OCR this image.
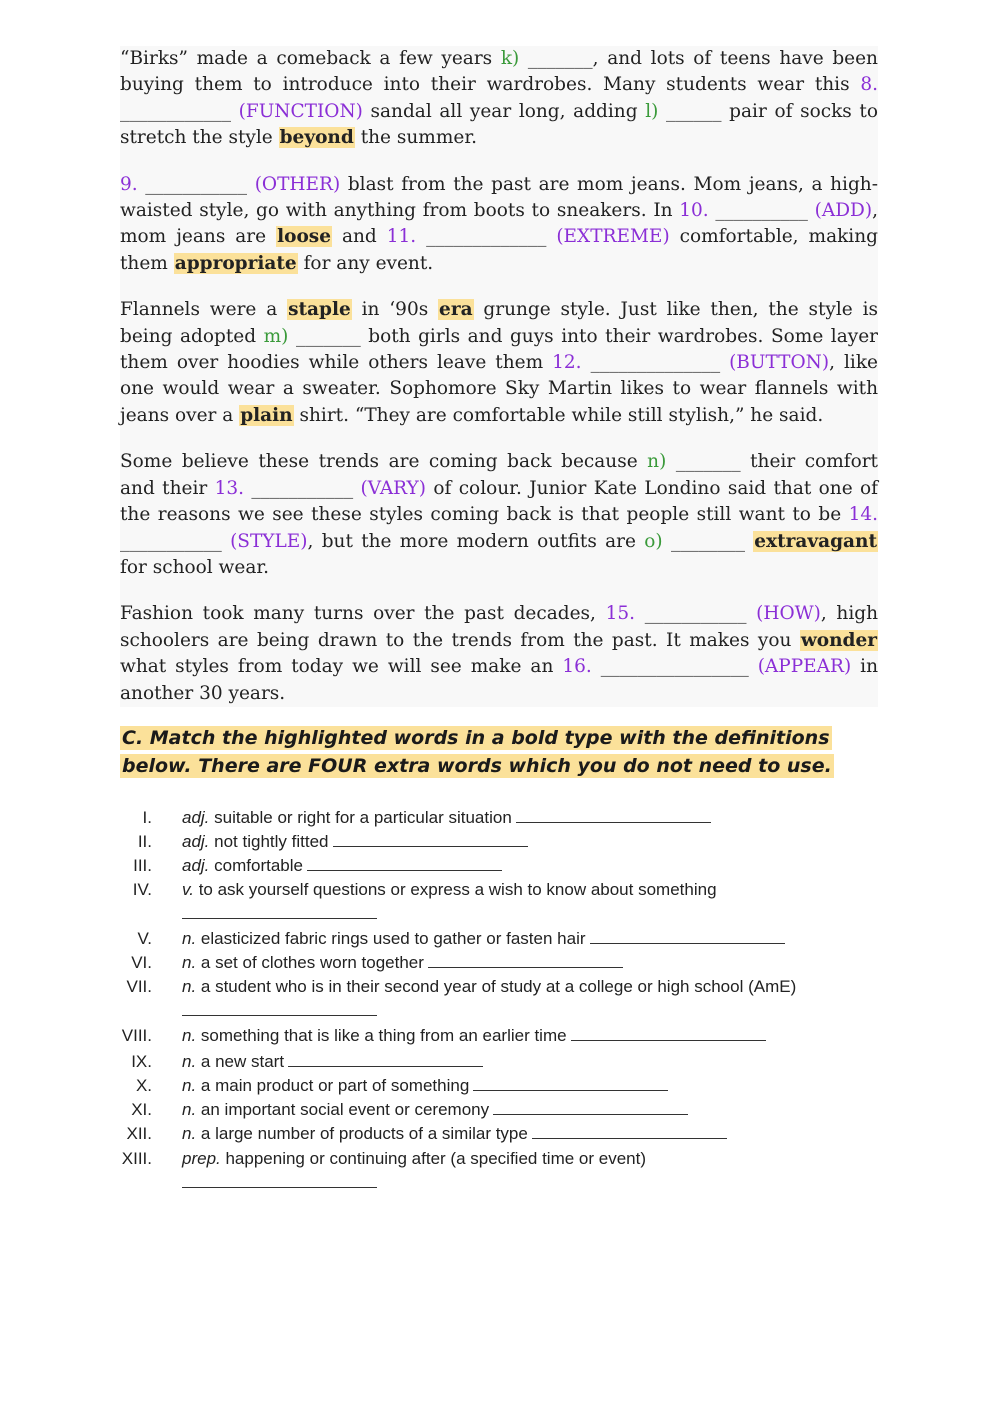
“Birks” made a comeback a few years k) _______, and lots of teens have been buying them to introduce into their wardrobes. Many students wear this 8. ____________ (FUNCTION) sandal all year long, adding l) ______ pair of socks to stretch the style beyond the summer.

9. ___________ (OTHER) blast from the past are mom jeans. Mom jeans, a high-waisted style, go with anything from boots to sneakers. In 10. __________ (ADD), mom jeans are loose and 11. _____________ (EXTREME) comfortable, making them appropriate for any event.

Flannels were a staple in ‘90s era grunge style. Just like then, the style is being adopted m) _______ both girls and guys into their wardrobes. Some layer them over hoodies while others leave them 12. ______________ (BUTTON), like one would wear a sweater. Sophomore Sky Martin likes to wear flannels with jeans over a plain shirt. “They are comfortable while still stylish,” he said.

Some believe these trends are coming back because n) _______ their comfort and their 13. ___________ (VARY) of colour. Junior Kate Londino said that one of the reasons we see these styles coming back is that people still want to be 14. ___________ (STYLE), but the more modern outfits are o) ________ extravagant for school wear.

Fashion took many turns over the past decades, 15. ___________ (HOW), high schoolers are being drawn to the trends from the past. It makes you wonder what styles from today we will see make an 16. ________________ (APPEAR) in another 30 years.

C. Match the highlighted words in a bold type with the definitions
below. There are FOUR extra words which you do not need to use.
I. adj. suitable or right for a particular situation
II. adj. not tightly fitted
III. adj. comfortable
IV. v. to ask yourself questions or express a wish to know about something
V. n. elasticized fabric rings used to gather or fasten hair
VI. n. a set of clothes worn together
VII. n. a student who is in their second year of study at a college or high school (AmE)
VIII. n. something that is like a thing from an earlier time
IX. n. a new start
X. n. a main product or part of something
XI. n. an important social event or ceremony
XII. n. a large number of products of a similar type
XIII. prep. happening or continuing after (a specified time or event)
